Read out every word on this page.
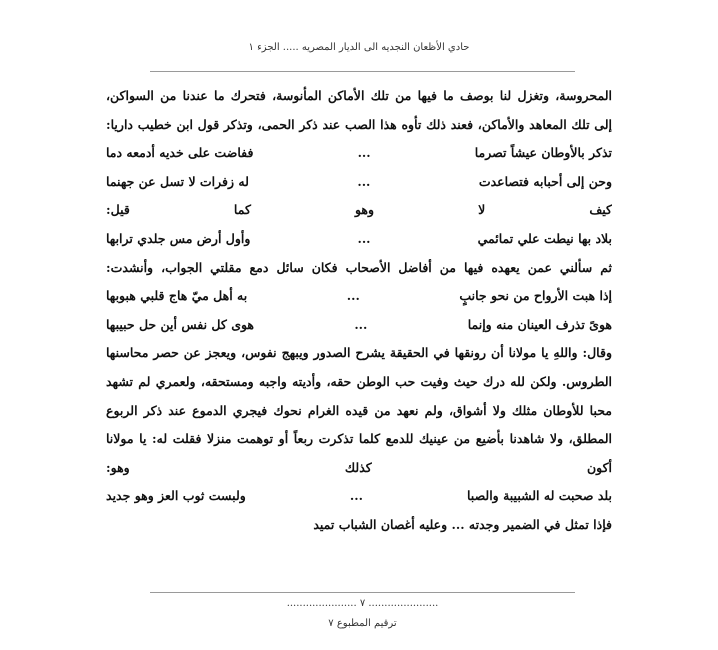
حادي الأظعان النجديه الى الديار المصريه ..... الجزء ١
المحروسة، وتغزل لنا بوصف ما فيها من تلك الأماكن المأنوسة، فتحرك ما عندنا من السواكن،
إلى تلك المعاهد والأماكن، فعند ذلك تأوه هذا الصب عند ذكر الحمى، وتذكر قول ابن خطيب داريا:
تذكر بالأوطان عيشاً تصرما
...
ففاضت على خديه أدمعه دما
وحن إلى أحبابه فتصاعدت
...
له زفرات لا تسل عن جهنما
كيف
لا
وهو
كما
قيل:
بلاد بها نيطت علي تمائمي
...
وأول أرض مس جلدي ترابها
ثم سألني عمن يعهده فيها من أفاضل الأصحاب فكان سائل دمع مقلتي الجواب، وأنشدت:
إذا هبت الأرواح من نحو جانبٍ
...
به أهل ميّ هاج قلبي هبوبها
هوىً تذرف العينان منه وإنما
...
هوى كل نفس أين حل حبيبها
وقال: واللهِ يا مولانا أن رونقها في الحقيقة يشرح الصدور ويبهج نفوس، ويعجز عن حصر محاسنها
الطروس. ولكن لله درك حيث وفيت حب الوطن حقه، وأديته واجبه ومستحقه، ولعمري لم تشهد
محبا للأوطان مثلك ولا أشواق، ولم نعهد من قيده الغرام نحوك فيجري الدموع عند ذكر الربوع
المطلق، ولا شاهدنا بأضيع من عينيك للدمع كلما تذكرت ربعاً أو توهمت منزلا فقلت له: يا مولانا
أكون
كذلك
وهو:
بلد صحبت له الشبيبة والصبا
...
ولبست ثوب العز وهو جديد
فإذا تمثل في الضمير وجدته ... وعليه أغصان الشباب تميد
...................... ٧ ......................
ترقيم المطبوع ٧
